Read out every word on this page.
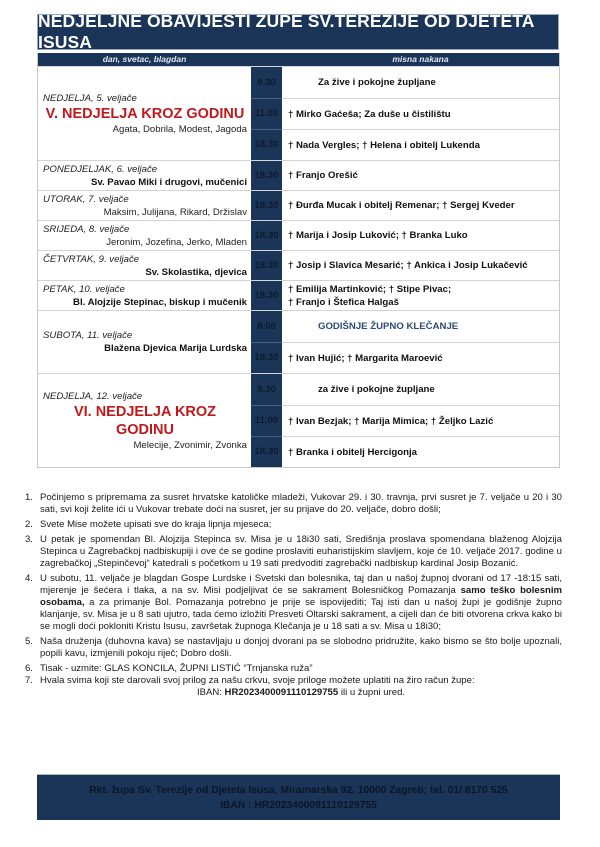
NEDJELJNE OBAVIJESTI ŽUPE SV.TEREZIJE OD DJETETA ISUSA
dan, svetac, blagdan	misna nakana
NEDJELJA, 5. veljače
V. NEDJELJA KROZ GODINU
Agata, Dobrila, Modest, Jagoda
9.30	Za žive i pokojne župljane
11.00 † Mirko Gaćeša; Za duše u čistilištu
18.30 † Nada Vergles; † Helena i obitelj Lukenda
PONEDJELJAK, 6. veljače
Sv. Pavao Miki i drugovi, mučenici
18.30 † Franjo Orešić
UTORAK, 7. veljače
Maksim, Julijana, Rikard, Držislav
18.30 † Đurđa Mucak i obitelj Remenar; † Sergej Kveder
SRIJEDA, 8. veljače
Jeronim, Jozefina, Jerko, Mladen
18.30 † Marija i Josip Luković; † Branka Luko
ČETVRTAK, 9. veljače
Sv. Skolastika, djevica
18.30 † Josip i Slavica Mesarić; † Ankica i Josip Lukačević
PETAK, 10. veljače
Bl. Alojzije Stepinac, biskup i mučenik
18.30
† Emilija Martinković; † Stipe Pivac;
† Franjo i Štefica Halgaš
SUBOTA, 11. veljače
Blažena Djevica Marija Lurdska
8.00	GODIŠNJE ŽUPNO KLEČANJE
18.30 † Ivan Hujić; † Margarita Maroević
NEDJELJA, 12. veljače
VI. NEDJELJA KROZ GODINU
Melecije, Zvonimir, Zvonka
9.30	za žive i pokojne župljane
11.00 † Ivan Bezjak; † Marija Mimica; † Željko Lazić
18.30 † Branka i obitelj Hercigonja
1. Počinjemo s pripremama za susret hrvatske katoličke mladeži, Vukovar 29. i 30. travnja, prvi susret je 7. veljače u 20 i 30 sati, svi koji želite ići u Vukovar trebate doći na susret, jer su prijave do 20. veljače, dobro došli;
2. Svete Mise možete upisati sve do kraja lipnja mjeseca;
3. U petak je spomendan Bl. Alojzija Stepinca sv. Misa je u 18i30 sati, Središnja proslava spomendana blaženog Alojzija Stepinca u Zagrebačkoj nadbiskupiji i ove će se godine proslaviti euharistijskim slavljem, koje će 10. veljače 2017. godine u zagrebačkoj „Stepinčevoj“ katedrali s početkom u 19 sati predvoditi zagrebački nadbiskup kardinal Josip Bozanić.
4. U subotu, 11. veljače je blagdan Gospe Lurdske i Svetski dan bolesnika, taj dan u našoj župnoj dvorani od 17 -18:15 sati, mjerenje je šećera i tlaka, a na sv. Misi podjeljivat će se sakrament Bolesničkog Pomazanja samo teško bolesnim osobama, a za primanje Bol. Pomazanja potrebno je prije se ispovijediti; Taj isti dan u našoj župi je godišnje župno klanjanje, sv. Misa je u 8 sati ujutro, tada ćemo izložiti Presveti Oltarski sakrament, a cijeli dan će biti otvorena crkva kako bi se mogli doći pokloniti Kristu Isusu, završetak župnoga Klečanja je u 18 sati a sv. Misa u 18i30;
5. Naša druženja (duhovna kava) se nastavljaju u donjoj dvorani pa se slobodno pridružite, kako bismo se što bolje upoznali, popili kavu, izmjenili pokoju riječ; Dobro došli.
6. Tisak - uzmite: GLAS KONCILA, ŽUPNI LISTIĆ “Trnjanska ruža”
7. Hvala svima koji ste darovali svoj prilog za našu crkvu, svoje priloge možete uplatiti na žiro račun župe:
IBAN: HR2023400091110129755 ili u župni ured.
Rkt. župa Sv. Terezije od Djeteta Isusa, Miramarska 92, 10000 Zagreb; tel. 01/ 6170 525
IBAN : HR2023400091110129755
